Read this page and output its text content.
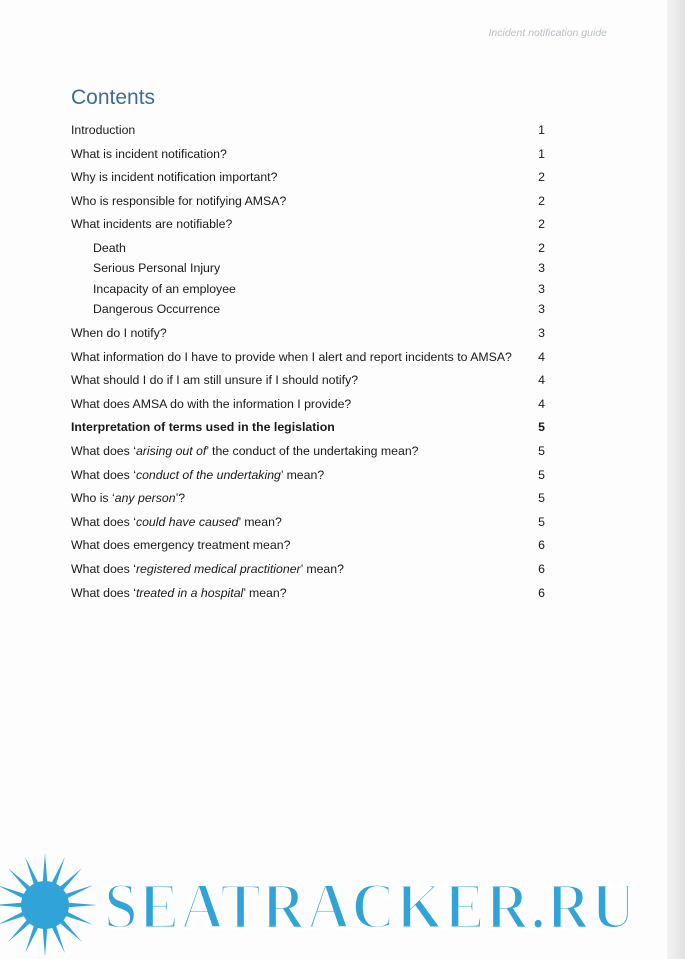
Incident notification guide
Contents
Introduction	1
What is incident notification?	1
Why is incident notification important?	2
Who is responsible for notifying AMSA?	2
What incidents are notifiable?	2
Death	2
Serious Personal Injury	3
Incapacity of an employee	3
Dangerous Occurrence	3
When do I notify?	3
What information do I have to provide when I alert and report incidents to AMSA? 4
What should I do if I am still unsure if I should notify?	4
What does AMSA do with the information I provide?	4
Interpretation of terms used in the legislation	5
What does ‘arising out of’ the conduct of the undertaking mean?	5
What does ‘conduct of the undertaking’ mean?	5
Who is ‘any person’?	5
What does ‘could have caused’ mean?	5
What does emergency treatment mean?	6
What does ‘registered medical practitioner’ mean?	6
What does ‘treated in a hospital’ mean?	6
SEATRACKER.RU
